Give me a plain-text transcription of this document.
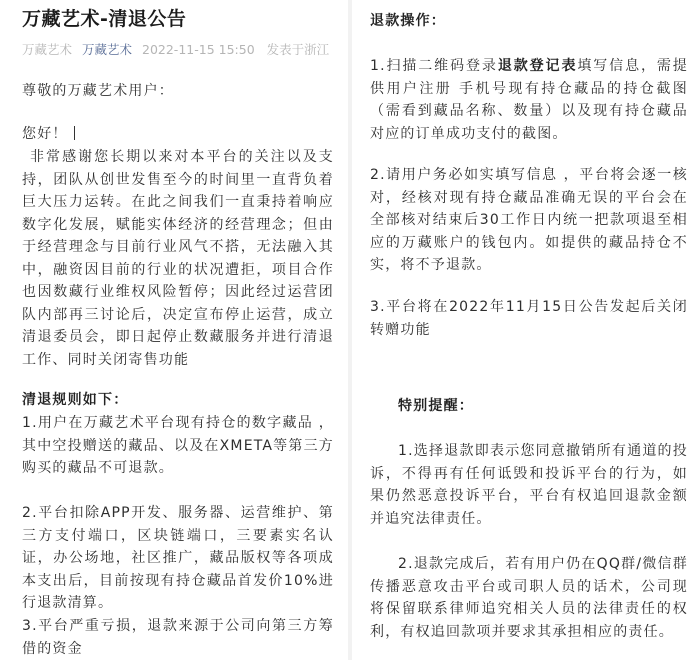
万藏艺术-清退公告
万藏艺术 万藏艺术 2022-11-15 15:50 发表于浙江
尊敬的万藏艺术用户：
您好！
非常感谢您长期以来对本平台的关注以及支持，团队从创世发售至今的时间里一直背负着巨大压力运转。在此之间我们一直秉持着响应数字化发展，赋能实体经济的经营理念；但由于经营理念与目前行业风气不搭，无法融入其中，融资因目前的行业的状况遭拒，项目合作也因数藏行业维权风险暂停；因此经过运营团队内部再三讨论后，决定宣布停止运营，成立清退委员会，即日起停止数藏服务并进行清退工作、同时关闭寄售功能
清退规则如下：
1.用户在万藏艺术平台现有持仓的数字藏品 ，其中空投赠送的藏品、以及在XMETA等第三方购买的藏品不可退款。
2.平台扣除APP开发、服务器、运营维护、第三方支付端口，区块链端口，三要素实名认证，办公场地，社区推广，藏品版权等各项成本支出后，目前按现有持仓藏品首发价10%进行退款清算。
3.平台严重亏损，退款来源于公司向第三方筹借的资金
退款操作：
1.扫描二维码登录退款登记表填写信息，需提供用户注册 手机号现有持仓藏品的持仓截图（需看到藏品名称、数量）以及现有持仓藏品对应的订单成功支付的截图。
2.请用户务必如实填写信息 ，平台将会逐一核对，经核对现有持仓藏品准确无误的平台会在全部核对结束后30工作日内统一把款项退至相应的万藏账户的钱包内。如提供的藏品持仓不实，将不予退款。
3.平台将在2022年11月15日公告发起后关闭转赠功能
特别提醒：
1.选择退款即表示您同意撤销所有通道的投诉，不得再有任何诋毁和投诉平台的行为，如果仍然恶意投诉平台，平台有权追回退款金额并追究法律责任。
2.退款完成后，若有用户仍在QQ群/微信群传播恶意攻击平台或司职人员的话术，公司现将保留联系律师追究相关人员的法律责任的权利，有权追回款项并要求其承担相应的责任。
